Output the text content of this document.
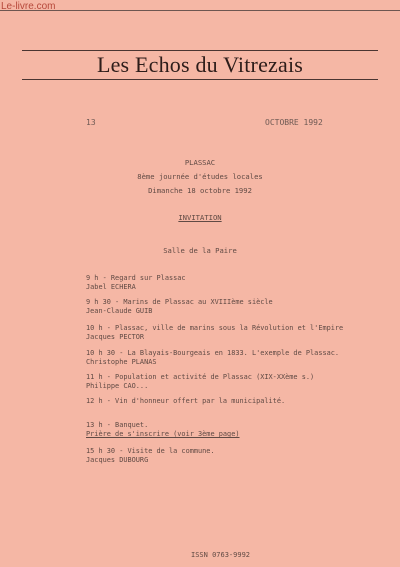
Le-livre.com
Les Echos du Vitrezais
13	OCTOBRE 1992
PLASSAC
8ème journée d'études locales
Dimanche 18 octobre 1992
INVITATION
Salle de la Paire
9 h - Regard sur Plassac
Jabel ECHERA
9 h 30 - Marins de Plassac au XVIIIème siècle
Jean-Claude GUIB
10 h - Plassac, ville de marins sous la Révolution et l'Empire
Jacques PECTOR
10 h 30 - La Blayais-Bourgeais en 1833. L'exemple de Plassac.
Christophe PLANAS
11 h - Population et activité de Plassac (XIX-XXème s.)
Philippe CAO...
12 h - Vin d'honneur offert par la municipalité.
13 h - Banquet.
Prière de s'inscrire (voir 3ème page)
15 h 30 - Visite de la commune.
Jacques DUBOURG
ISSN 0763-9992
